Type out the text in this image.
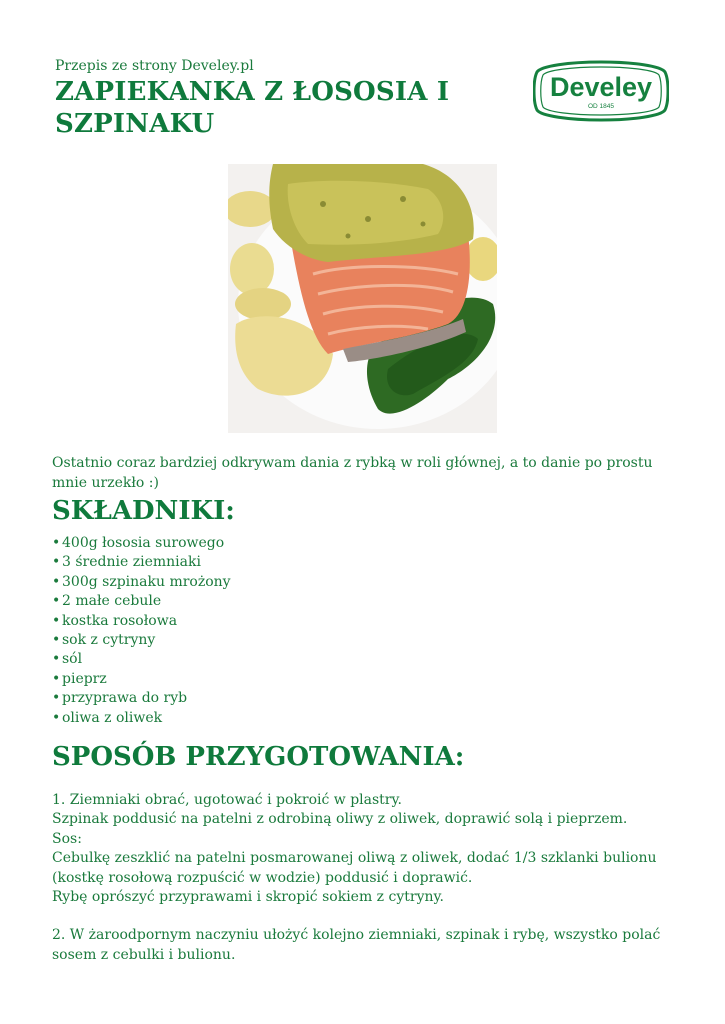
Przepis ze strony Develey.pl
ZAPIEKANKA Z ŁOSOSIA I SZPINAKU
Develey
OD 1845

Ostatnio coraz bardziej odkrywam dania z rybką w roli głównej, a to danie po prostu mnie urzekło :)

SKŁADNIKI:
• 400g łososia surowego
• 3 średnie ziemniaki
• 300g szpinaku mrożony
• 2 małe cebule
• kostka rosołowa
• sok z cytryny
• sól
• pieprz
• przyprawa do ryb
• oliwa z oliwek
SPOSÓB PRZYGOTOWANIA:

1. Ziemniaki obrać, ugotować i pokroić w plastry.

Szpinak poddusić na patelni z odrobiną oliwy z oliwek, doprawić solą i pieprzem.

Sos:

Cebulkę zeszklić na patelni posmarowanej oliwą z oliwek, dodać 1/3 szklanki bulionu (kostkę rosołową rozpuścić w wodzie) poddusić i doprawić.

Rybę oprószyć przyprawami i skropić sokiem z cytryny.

2. W żaroodpornym naczyniu ułożyć kolejno ziemniaki, szpinak i rybę, wszystko polać sosem z cebulki i bulionu.
